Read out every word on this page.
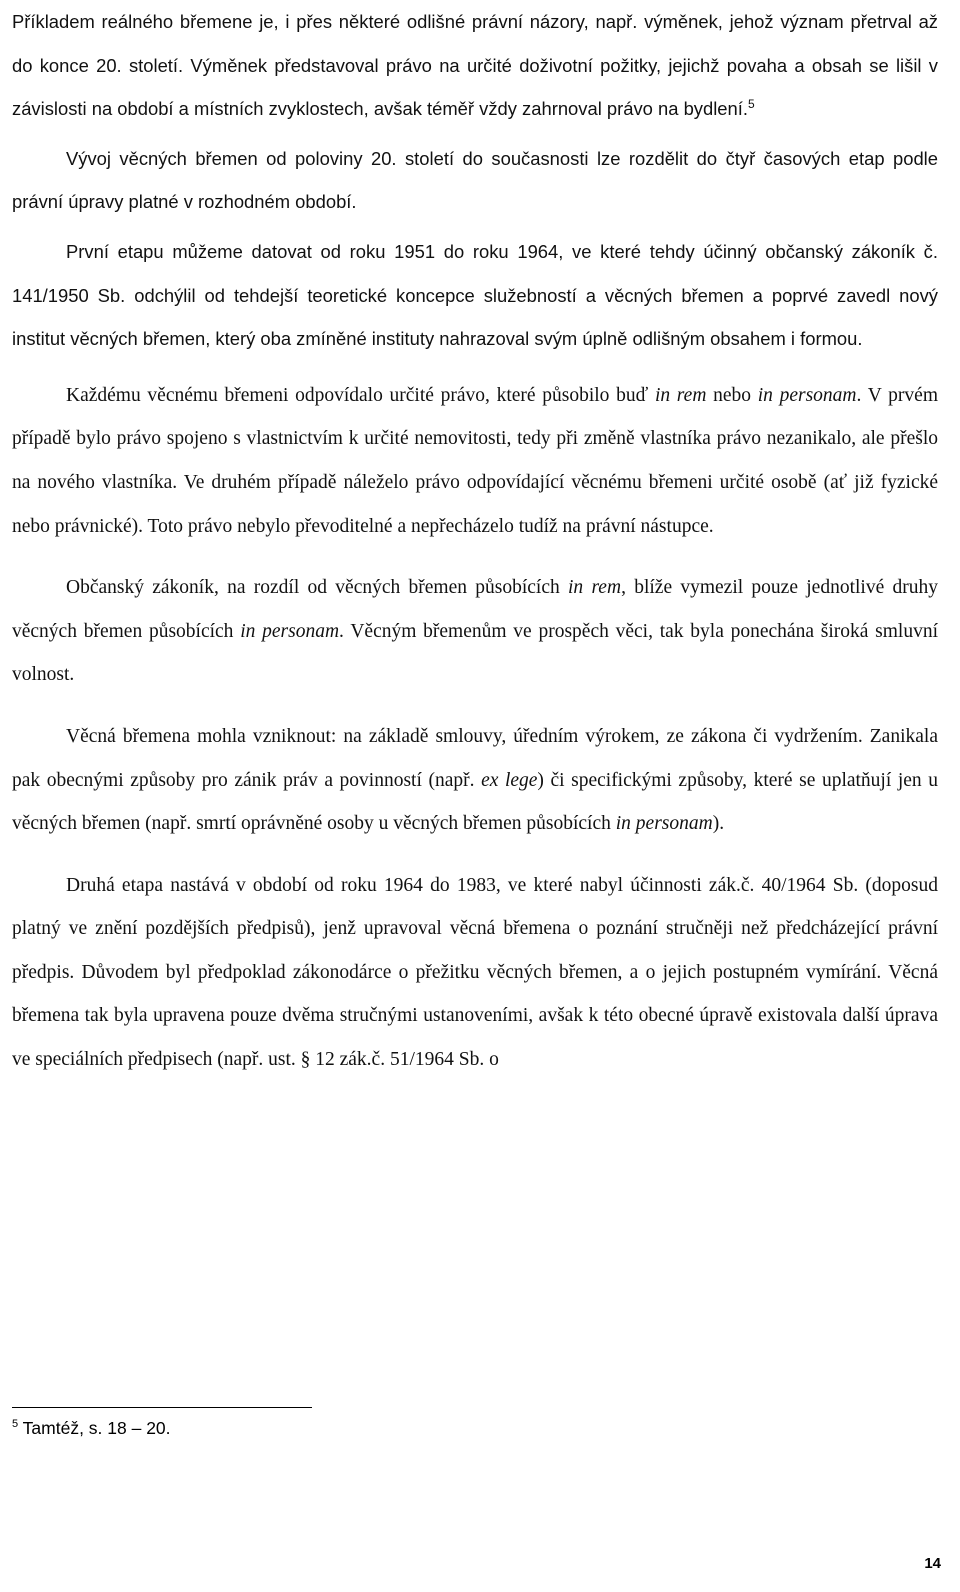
Příkladem reálného břemene je, i přes některé odlišné právní názory, např. výměnek, jehož význam přetrval až do konce 20. století. Výměnek představoval právo na určité doživotní požitky, jejichž povaha a obsah se lišil v závislosti na období a místních zvyklostech, avšak téměř vždy zahrnoval právo na bydlení.$^5$

Vývoj věcných břemen od poloviny 20. století do současnosti lze rozdělit do čtyř časových etap podle právní úpravy platné v rozhodném období.

První etapu můžeme datovat od roku 1951 do roku 1964, ve které tehdy účinný občanský zákoník č. 141/1950 Sb. odchýlil od tehdejší teoretické koncepce služebností a věcných břemen a poprvé zavedl nový institut věcných břemen, který oba zmíněné instituty nahrazoval svým úplně odlišným obsahem i formou.

Každému věcnému břemeni odpovídalo určité právo, které působilo buď in rem nebo in personam. V prvém případě bylo právo spojeno s vlastnictvím k určité nemovitosti, tedy při změně vlastníka právo nezanikalo, ale přešlo na nového vlastníka. Ve druhém případě náleželo právo odpovídající věcnému břemeni určité osobě (ať již fyzické nebo právnické). Toto právo nebylo převoditelné a nepřecházelo tudíž na právní nástupce.

Občanský zákoník, na rozdíl od věcných břemen působících in rem, blíže vymezil pouze jednotlivé druhy věcných břemen působících in personam. Věcným břemenům ve prospěch věci, tak byla ponechána široká smluvní volnost.

Věcná břemena mohla vzniknout: na základě smlouvy, úředním výrokem, ze zákona či vydržením. Zanikala pak obecnými způsoby pro zánik práv a povinností (např. ex lege) či specifickými způsoby, které se uplatňují jen u věcných břemen (např. smrtí oprávněné osoby u věcných břemen působících in personam).

Druhá etapa nastává v období od roku 1964 do 1983, ve které nabyl účinnosti zák.č. 40/1964 Sb. (doposud platný ve znění pozdějších předpisů), jenž upravoval věcná břemena o poznání stručněji než předcházející právní předpis. Důvodem byl předpoklad zákonodárce o přežitku věcných břemen, a o jejich postupném vymírání. Věcná břemena tak byla upravena pouze dvěma stručnými ustanoveními, avšak k této obecné úpravě existovala další úprava ve speciálních předpisech (např. ust. § 12 zák.č. 51/1964 Sb. o

$^5$ Tamtéž, s. 18 – 20.
14
